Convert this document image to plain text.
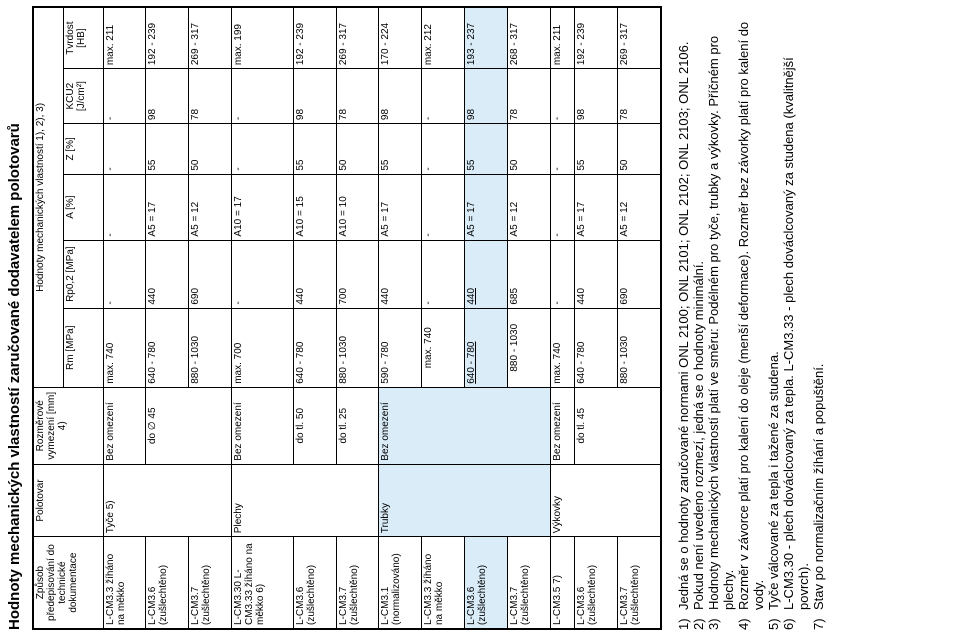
Hodnoty mechanických vlastností zaručované dodavatelem polotovarů Způsob předepisování do technické dokumentace	Polotovar	Rozměrové vymezení [mm] 4)	Hodnoty mechanických vlastností 1), 2), 3)					
			Rm [MPa]	Rp0,2 [MPa]	A [%]	Z [%]	KCU2 [J/cm²]	Tvrdost [HB]
L-CM3.3 žíháno na měkko	Tyče 5)	Bez omezení	max. 740	-	-	-	-	max. 211
L-CM3.6 (zušlechtěno)		do ∅ 45	640 - 780	440	A5 = 17	55	98	192 - 239
L-CM3.7 (zušlechtěno)			880 - 1030	690	A5 = 12	50	78	269 - 317
L-CM3.30 L-CM3.33 žíháno na měkko 6)	Plechy	Bez omezení	max. 700	-	A10 = 17	-	-	max. 199
L-CM3.6 (zušlechtěno)		do tl. 50	640 - 780	440	A10 = 15	55	98	192 - 239
L-CM3.7 (zušlechtěno)		do tl. 25	880 - 1030	700	A10 = 10	50	78	269 - 317
L-CM3.1 (normalizováno)	Trubky	Bez omezení	590 - 780	440	A5 = 17	55	98	170 - 224
L-CM3.3 žíháno na měkko			max. 740	-	-	-	-	max. 212
L-CM3.6 (zušlechtěno)			640 - 780	440	A5 = 17	55	98	193 - 237
L-CM3.7 (zušlechtěno)			880 - 1030	685	A5 = 12	50	78	268 - 317
L-CM3.5 7)	Výkovky	Bez omezení	max. 740	-	-	-	-	max. 211
L-CM3.6 (zušlechtěno)		do tl. 45	640 - 780	440	A5 = 17	55	98	192 - 239
L-CM3.7 (zušlechtěno)			880 - 1030	690	A5 = 12	50	78	269 - 317
1)
Jedná se o hodnoty zaručované normami ONL 2100; ONL 2101; ONL 2102; ONL 2103; ONL 2106.
2)
Pokud není uvedeno rozmezí, jedná se o hodnoty minimální.
3)
Hodnoty mechanických vlastností platí ve směru: Podélném pro tyče, trubky a výkovky. Příčném pro plechy.
4)
Rozměr v závorce platí pro kalení do oleje (menší deformace). Rozměr bez závorky platí pro kalení do vody.
5)
Tyče válcované za tepla i tažené za studena.
6)
L-CM3.30 - plech dováclcovaný za tepla. L-CM3.33 - plech dováclcovaný za studena (kvalitnější povrch).
7)
Stav po normalizačním žíhání a popuštění.
